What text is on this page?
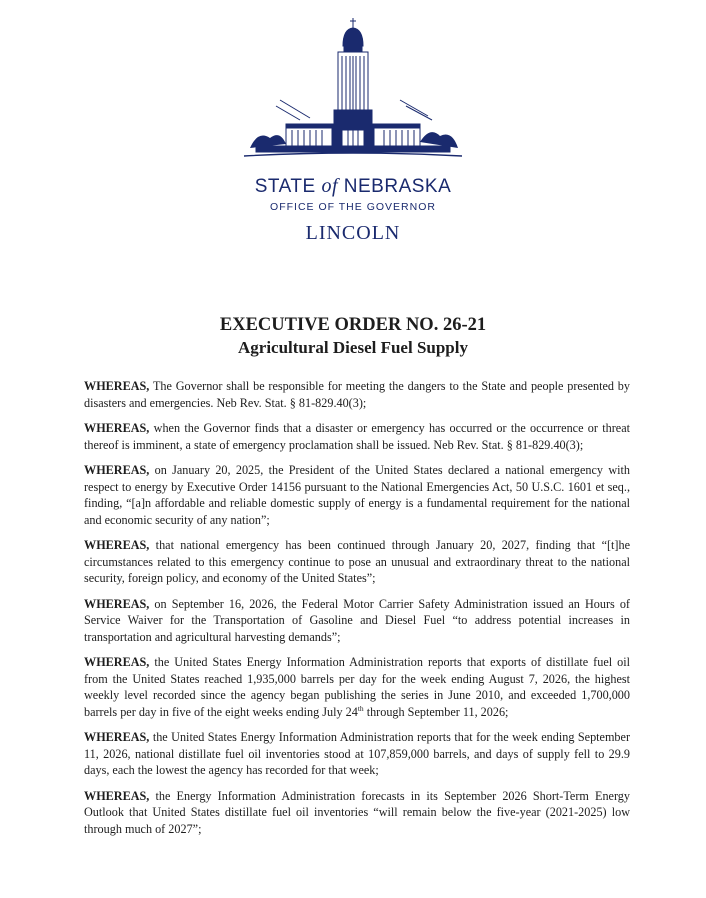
STATE of NEBRASKA
OFFICE OF THE GOVERNOR
LINCOLN
EXECUTIVE ORDER NO. 26-21
Agricultural Diesel Fuel Supply

WHEREAS, The Governor shall be responsible for meeting the dangers to the State and people presented by disasters and emergencies. Neb Rev. Stat. § 81-829.40(3);

WHEREAS, when the Governor finds that a disaster or emergency has occurred or the occurrence or threat thereof is imminent, a state of emergency proclamation shall be issued. Neb Rev. Stat. § 81-829.40(3);

WHEREAS, on January 20, 2025, the President of the United States declared a national emergency with respect to energy by Executive Order 14156 pursuant to the National Emergencies Act, 50 U.S.C. 1601 et seq., finding, “[a]n affordable and reliable domestic supply of energy is a fundamental requirement for the national and economic security of any nation”;

WHEREAS, that national emergency has been continued through January 20, 2027, finding that “[t]he circumstances related to this emergency continue to pose an unusual and extraordinary threat to the national security, foreign policy, and economy of the United States”;

WHEREAS, on September 16, 2026, the Federal Motor Carrier Safety Administration issued an Hours of Service Waiver for the Transportation of Gasoline and Diesel Fuel “to address potential increases in transportation and agricultural harvesting demands”;

WHEREAS, the United States Energy Information Administration reports that exports of distillate fuel oil from the United States reached 1,935,000 barrels per day for the week ending August 7, 2026, the highest weekly level recorded since the agency began publishing the series in June 2010, and exceeded 1,700,000 barrels per day in five of the eight weeks ending July 24th through September 11, 2026;

WHEREAS, the United States Energy Information Administration reports that for the week ending September 11, 2026, national distillate fuel oil inventories stood at 107,859,000 barrels, and days of supply fell to 29.9 days, each the lowest the agency has recorded for that week;

WHEREAS, the Energy Information Administration forecasts in its September 2026 Short-Term Energy Outlook that United States distillate fuel oil inventories “will remain below the five-year (2021-2025) low through much of 2027”;
